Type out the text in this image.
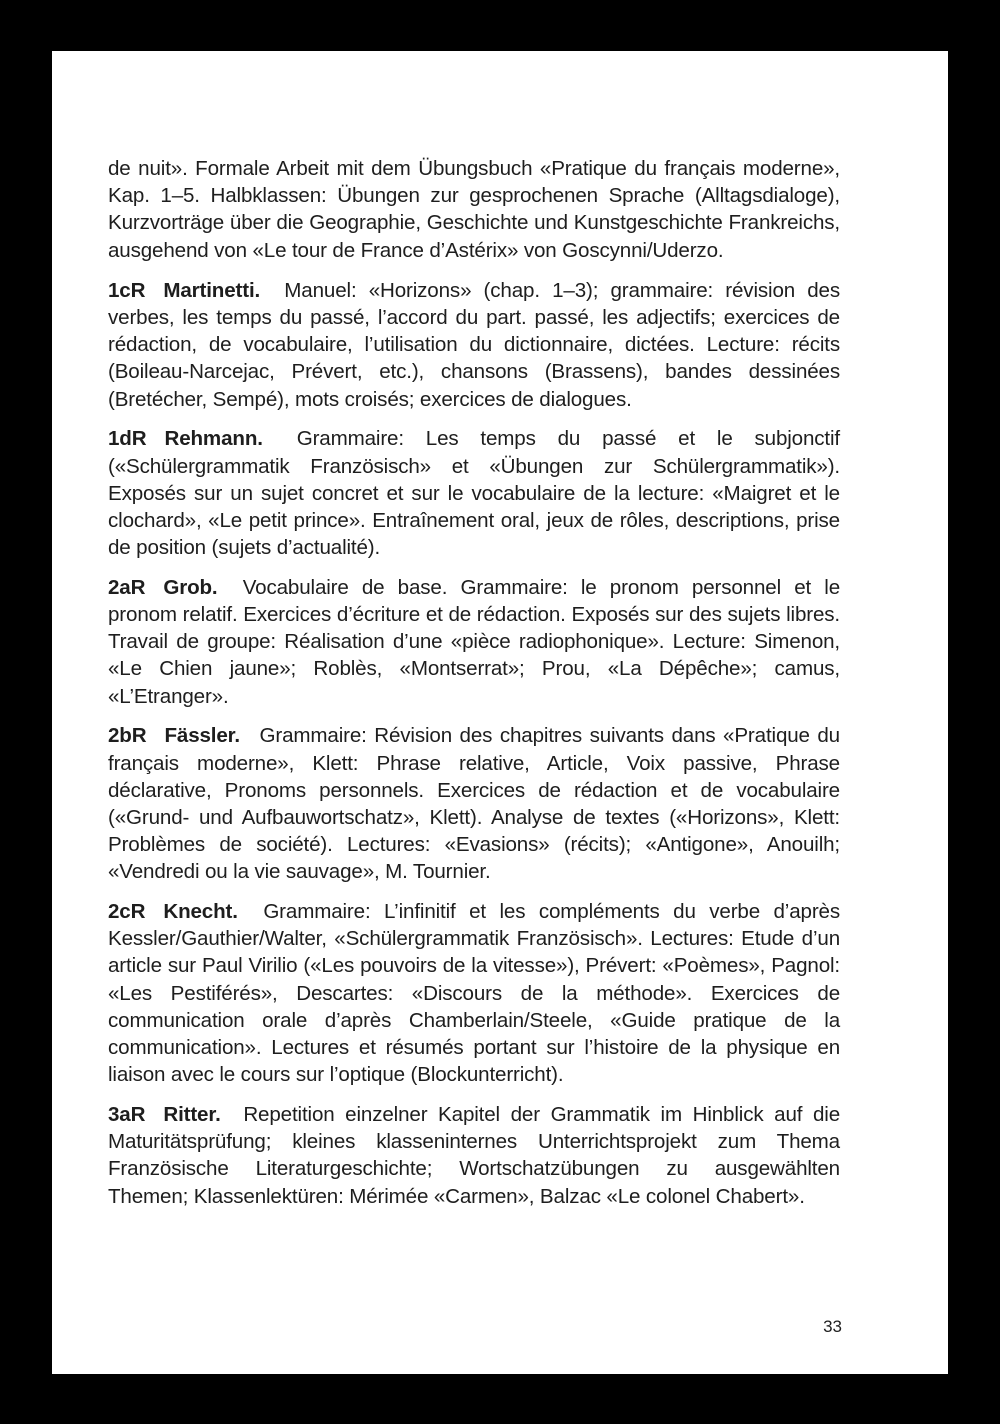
de nuit». Formale Arbeit mit dem Übungsbuch «Pratique du français moderne», Kap. 1–5. Halbklassen: Übungen zur gesprochenen Sprache (Alltagsdialoge), Kurzvorträge über die Geographie, Geschichte und Kunstgeschichte Frankreichs, ausgehend von «Le tour de France d’Astérix» von Goscynni/Uderzo.

1cR Martinetti. Manuel: «Horizons» (chap. 1–3); grammaire: révision des verbes, les temps du passé, l’accord du part. passé, les adjectifs; exercices de rédaction, de vocabulaire, l’utilisation du dictionnaire, dictées. Lecture: récits (Boileau-Narcejac, Prévert, etc.), chansons (Brassens), bandes dessinées (Bretécher, Sempé), mots croisés; exercices de dialogues.

1dR Rehmann. Grammaire: Les temps du passé et le subjonctif («Schülergrammatik Französisch» et «Übungen zur Schülergrammatik»). Exposés sur un sujet concret et sur le vocabulaire de la lecture: «Maigret et le clochard», «Le petit prince». Entraînement oral, jeux de rôles, descriptions, prise de position (sujets d’actualité).

2aR Grob. Vocabulaire de base. Grammaire: le pronom personnel et le pronom relatif. Exercices d’écriture et de rédaction. Exposés sur des sujets libres. Travail de groupe: Réalisation d’une «pièce radiophonique». Lecture: Simenon, «Le Chien jaune»; Roblès, «Montserrat»; Prou, «La Dépêche»; camus, «L’Etranger».

2bR Fässler. Grammaire: Révision des chapitres suivants dans «Pratique du français moderne», Klett: Phrase relative, Article, Voix passive, Phrase déclarative, Pronoms personnels. Exercices de rédaction et de vocabulaire («Grund- und Aufbauwortschatz», Klett). Analyse de textes («Horizons», Klett: Problèmes de société). Lectures: «Evasions» (récits); «Antigone», Anouilh; «Vendredi ou la vie sauvage», M. Tournier.

2cR Knecht. Grammaire: L’infinitif et les compléments du verbe d’après Kessler/Gauthier/Walter, «Schülergrammatik Französisch». Lectures: Etude d’un article sur Paul Virilio («Les pouvoirs de la vitesse»), Prévert: «Poèmes», Pagnol: «Les Pestiférés», Descartes: «Discours de la méthode». Exercices de communication orale d’après Chamberlain/Steele, «Guide pratique de la communication». Lectures et résumés portant sur l’histoire de la physique en liaison avec le cours sur l’optique (Blockunterricht).

3aR Ritter. Repetition einzelner Kapitel der Grammatik im Hinblick auf die Maturitätsprüfung; kleines klasseninternes Unterrichtsprojekt zum Thema Französische Literaturgeschichte; Wortschatzübungen zu ausgewählten Themen; Klassenlektüren: Mérimée «Carmen», Balzac «Le colonel Chabert».

33
